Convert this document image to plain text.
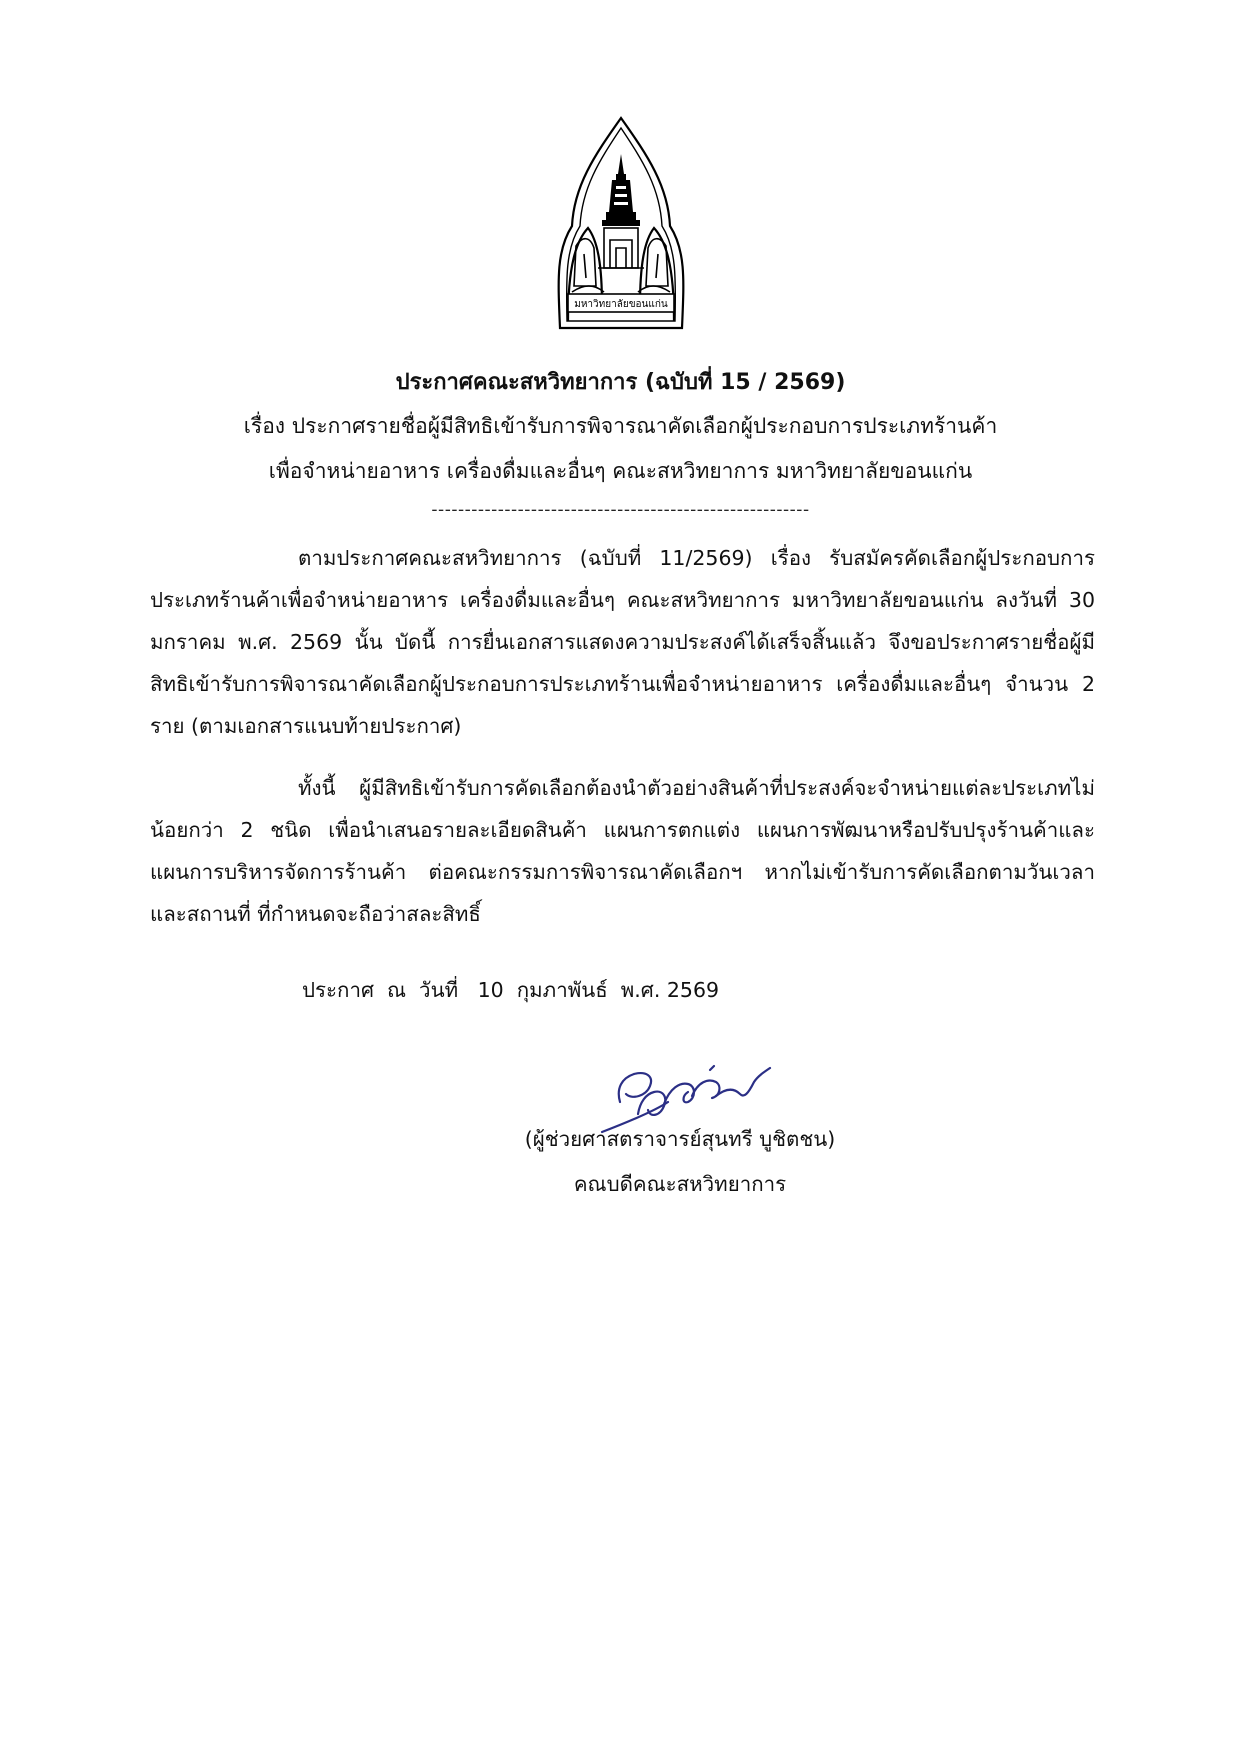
มหาวิทยาลัยขอนแก่น
ประกาศคณะสหวิทยาการ (ฉบับที่ 15 / 2569)
เรื่อง ประกาศรายชื่อผู้มีสิทธิเข้ารับการพิจารณาคัดเลือกผู้ประกอบการประเภทร้านค้า
เพื่อจำหน่ายอาหาร เครื่องดื่มและอื่นๆ คณะสหวิทยาการ มหาวิทยาลัยขอนแก่น
---------------------------------------------------------
ตามประกาศคณะสหวิทยาการ (ฉบับที่ 11/2569) เรื่อง รับสมัครคัดเลือกผู้ประกอบการประเภทร้านค้าเพื่อจำหน่ายอาหาร เครื่องดื่มและอื่นๆ คณะสหวิทยาการ มหาวิทยาลัยขอนแก่น ลงวันที่ 30 มกราคม พ.ศ. 2569 นั้น บัดนี้ การยื่นเอกสารแสดงความประสงค์ได้เสร็จสิ้นแล้ว จึงขอประกาศรายชื่อผู้มีสิทธิเข้ารับการพิจารณาคัดเลือกผู้ประกอบการประเภทร้านเพื่อจำหน่ายอาหาร เครื่องดื่มและอื่นๆ จำนวน 2 ราย (ตามเอกสารแนบท้ายประกาศ)
ทั้งนี้ ผู้มีสิทธิเข้ารับการคัดเลือกต้องนำตัวอย่างสินค้าที่ประสงค์จะจำหน่ายแต่ละประเภทไม่น้อยกว่า 2 ชนิด เพื่อนำเสนอรายละเอียดสินค้า แผนการตกแต่ง แผนการพัฒนาหรือปรับปรุงร้านค้าและแผนการบริหารจัดการร้านค้า ต่อคณะกรรมการพิจารณาคัดเลือกฯ หากไม่เข้ารับการคัดเลือกตามวันเวลา และสถานที่ ที่กำหนดจะถือว่าสละสิทธิ์
ประกาศ  ณ  วันที่   10  กุมภาพันธ์  พ.ศ. 2569
(ผู้ช่วยศาสตราจารย์สุนทรี บูชิตชน)
คณบดีคณะสหวิทยาการ
